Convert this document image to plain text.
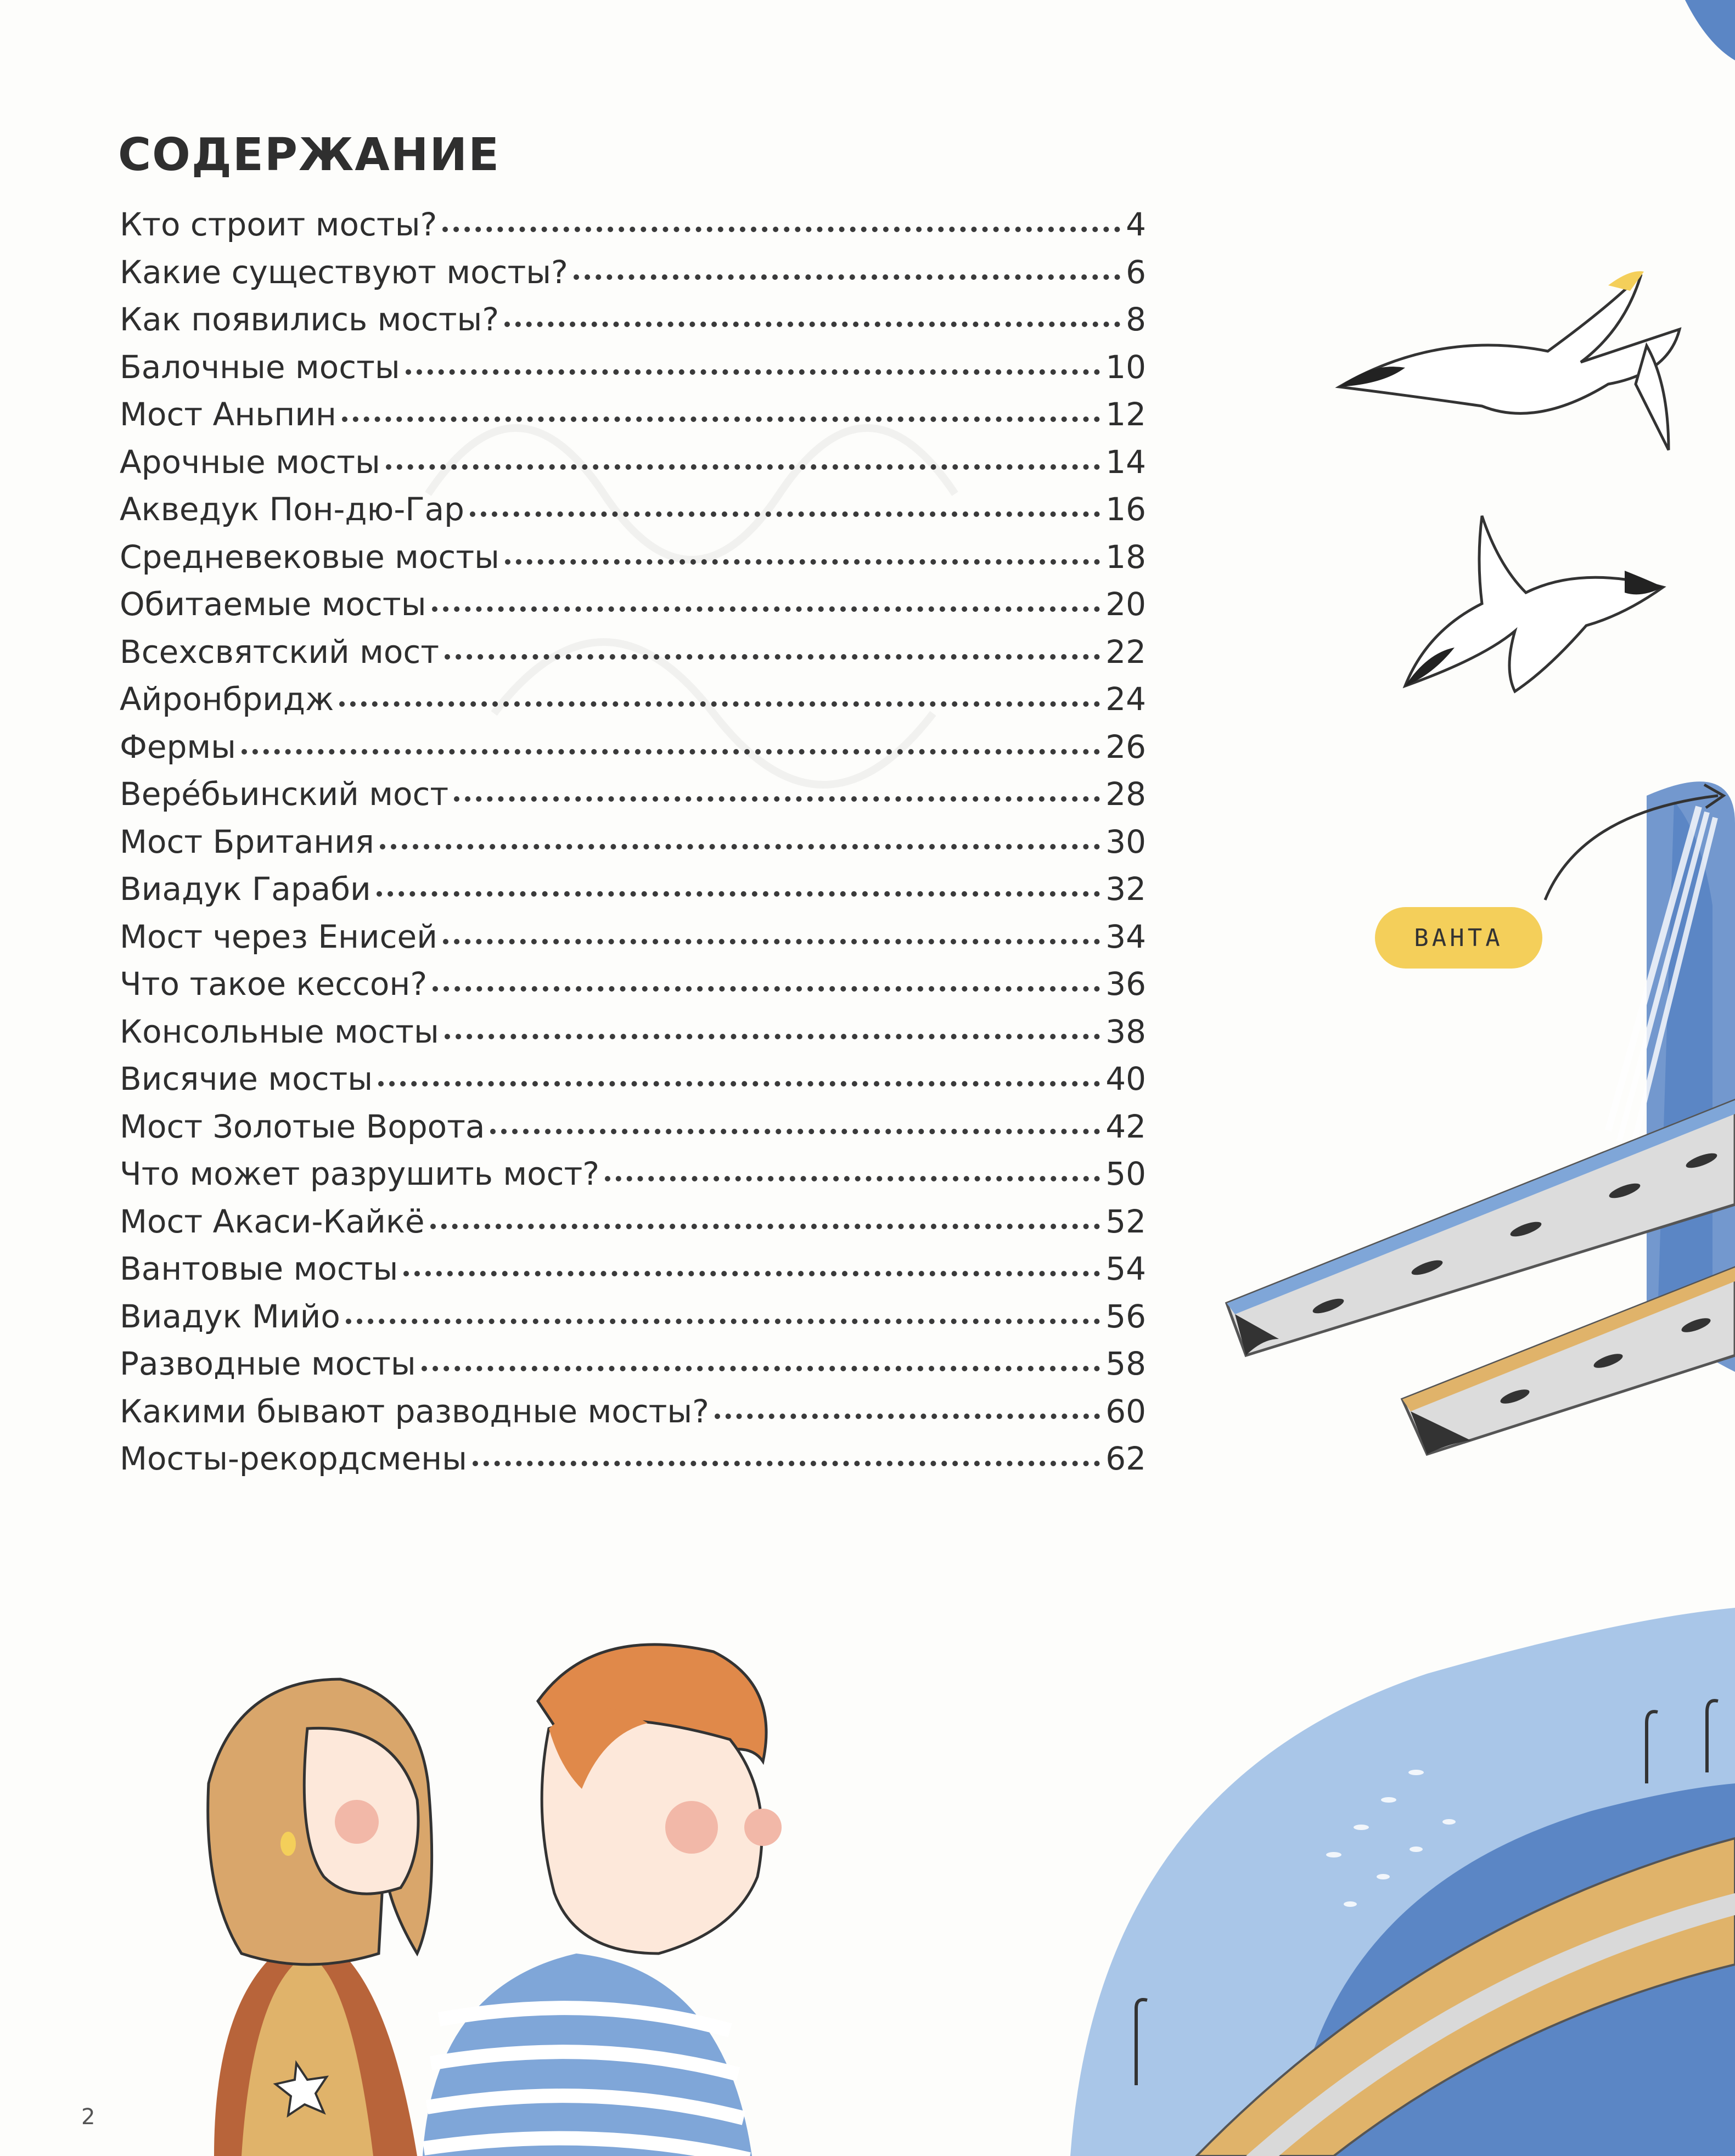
ВАНТА
СОДЕРЖАНИЕ
Кто строит мосты?	4
Какие существуют мосты?	6
Как появились мосты?	8
Балочные мосты	10
Мост Аньпин	12
Арочные мосты	14
Акведук Пон-дю-Гар	16
Средневековые мосты	18
Обитаемые мосты	20
Всехсвятский мост	22
Айронбридж	24
Фермы	26
Вере́бьинский мост	28
Мост Британия	30
Виадук Гараби	32
Мост через Енисей	34
Что такое кессон?	36
Консольные мосты	38
Висячие мосты	40
Мост Золотые Ворота	42
Что может разрушить мост?	50
Мост Акаси-Кайкё	52
Вантовые мосты	54
Виадук Мийо	56
Разводные мосты	58
Какими бывают разводные мосты?	60
Мосты-рекордсмены	62
2
